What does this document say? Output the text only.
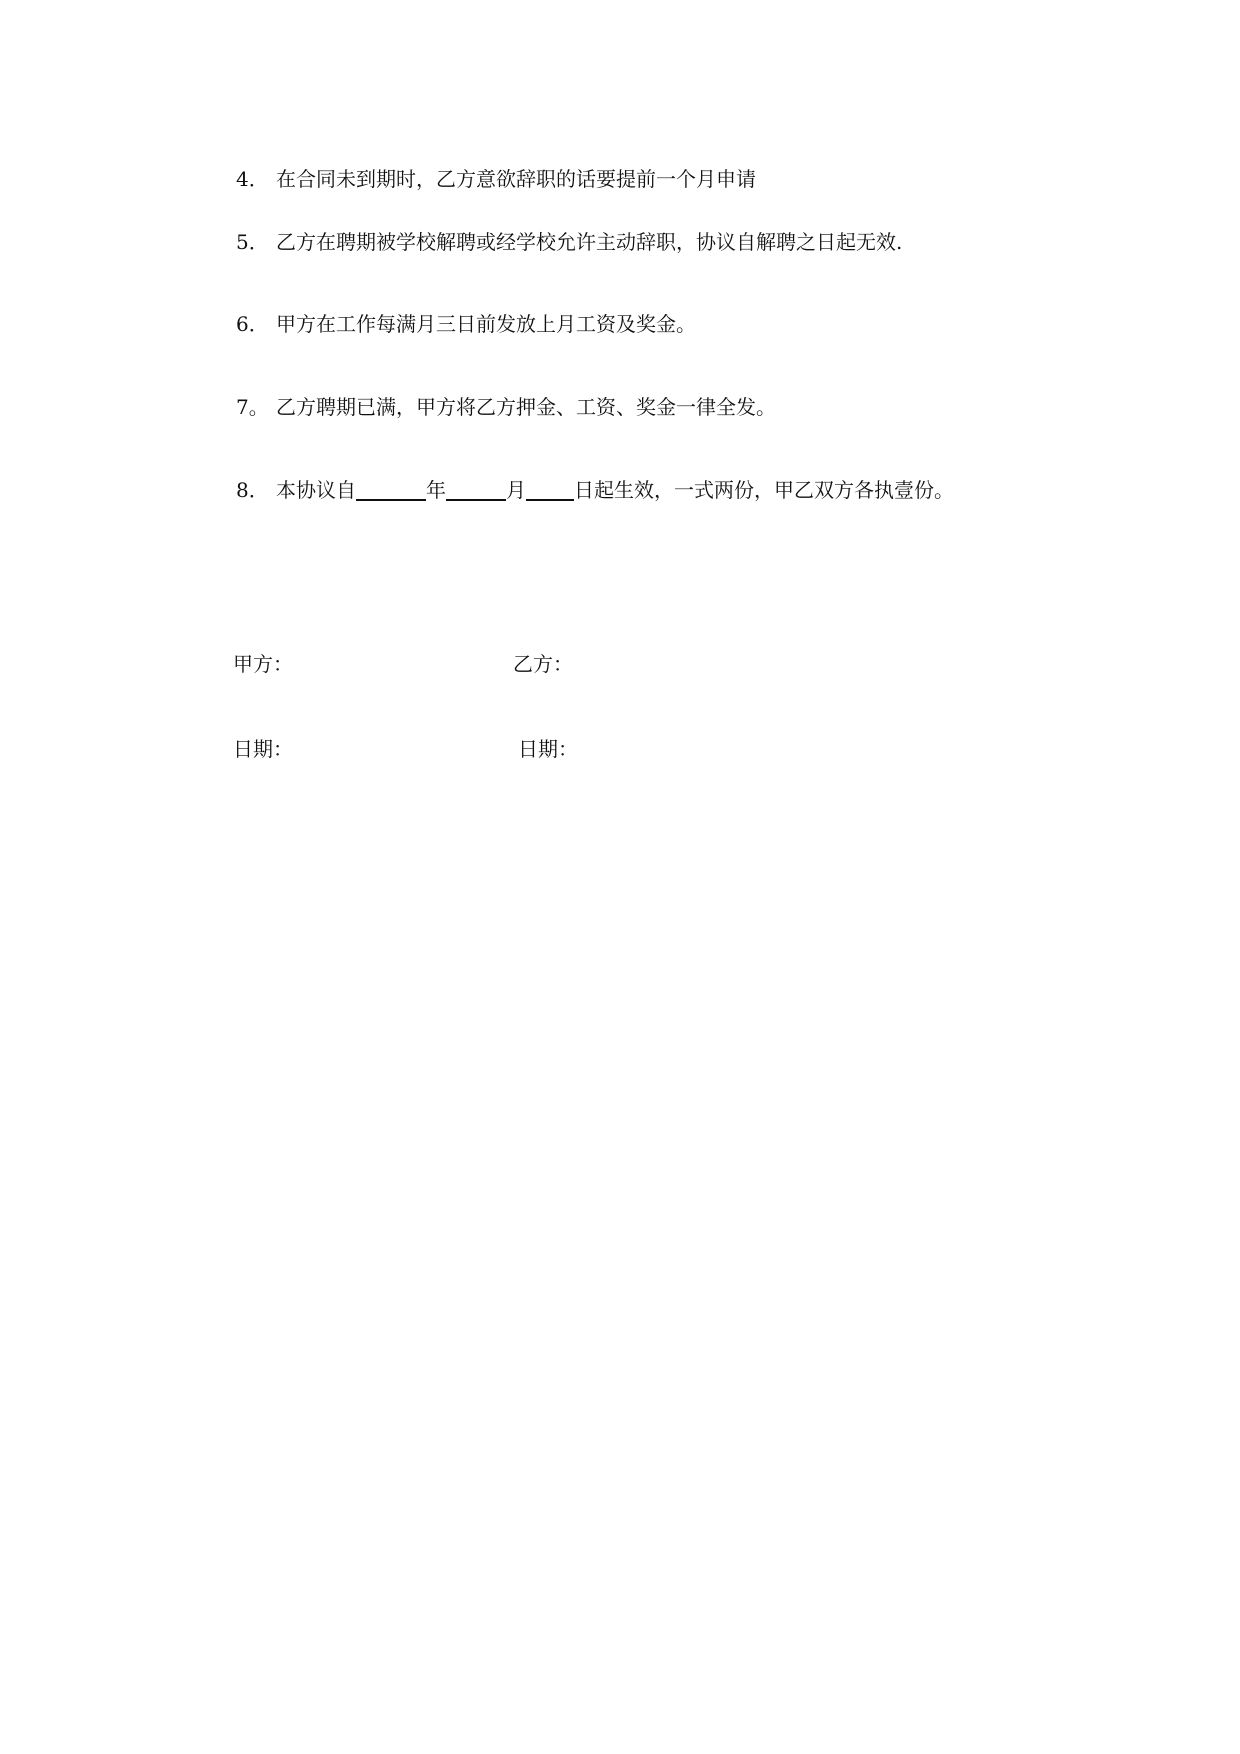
4． 在合同未到期时，乙方意欲辞职的话要提前一个月申请
5． 乙方在聘期被学校解聘或经学校允许主动辞职，协议自解聘之日起无效.
6． 甲方在工作每满月三日前发放上月工资及奖金。
7。 乙方聘期已满，甲方将乙方押金、工资、奖金一律全发。
8． 本协议自	年	月 日起生效，一式两份，甲乙双方各执壹份。
甲方：	乙方：
日期：	日期：
